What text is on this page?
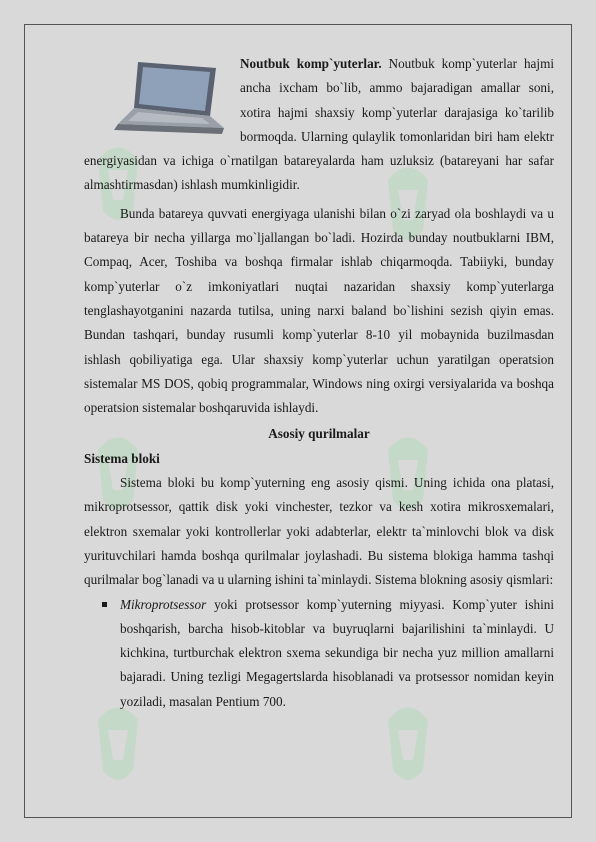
Noutbuk komp`yuterlar. Noutbuk komp`yuterlar hajmi ancha ixcham bo`lib, ammo bajaradigan amallar soni, xotira hajmi shaxsiy komp`yuterlar darajasiga ko`tarilib bormoqda. Ularning qulaylik tomonlaridan biri ham elektr energiyasidan va ichiga o`rnatilgan batareyalarda ham uzluksiz (batareyani har safar almashtirmasdan) ishlash mumkinligidir.

Bunda batareya quvvati energiyaga ulanishi bilan o`zi zaryad ola boshlaydi va u batareya bir necha yillarga mo`ljallangan bo`ladi. Hozirda bunday noutbuklarni IBM, Compaq, Acer, Toshiba va boshqa firmalar ishlab chiqarmoqda. Tabiiyki, bunday komp`yuterlar o`z imkoniyatlari nuqtai nazaridan shaxsiy komp`yuterlarga tenglashayotganini nazarda tutilsa, uning narxi baland bo`lishini sezish qiyin emas. Bundan tashqari, bunday rusumli komp`yuterlar 8-10 yil mobaynida buzilmasdan ishlash qobiliyatiga ega. Ular shaxsiy komp`yuterlar uchun yaratilgan operatsion sistemalar MS DOS, qobiq programmalar, Windows ning oxirgi versiyalarida va boshqa operatsion sistemalar boshqaruvida ishlaydi.

Asosiy qurilmalar

Sistema bloki

Sistema bloki bu komp`yuterning eng asosiy qismi. Uning ichida ona platasi, mikroprotsessor, qattik disk yoki vinchester, tezkor va kesh xotira mikrosxemalari, elektron sxemalar yoki kontrollerlar yoki adabterlar, elektr ta`minlovchi blok va disk yurituvchilari hamda boshqa qurilmalar joylashadi. Bu sistema blokiga hamma tashqi qurilmalar bog`lanadi va u ularning ishini ta`minlaydi. Sistema blokning asosiy qismlari:

Mikroprotsessor yoki protsessor komp`yuterning miyyasi. Komp`yuter ishini boshqarish, barcha hisob-kitoblar va buyruqlarni bajarilishini ta`minlaydi. U kichkina, turtburchak elektron sxema sekundiga bir necha yuz million amallarni bajaradi. Uning tezligi Megagertslarda hisoblanadi va protsessor nomidan keyin yoziladi, masalan Pentium 700.
